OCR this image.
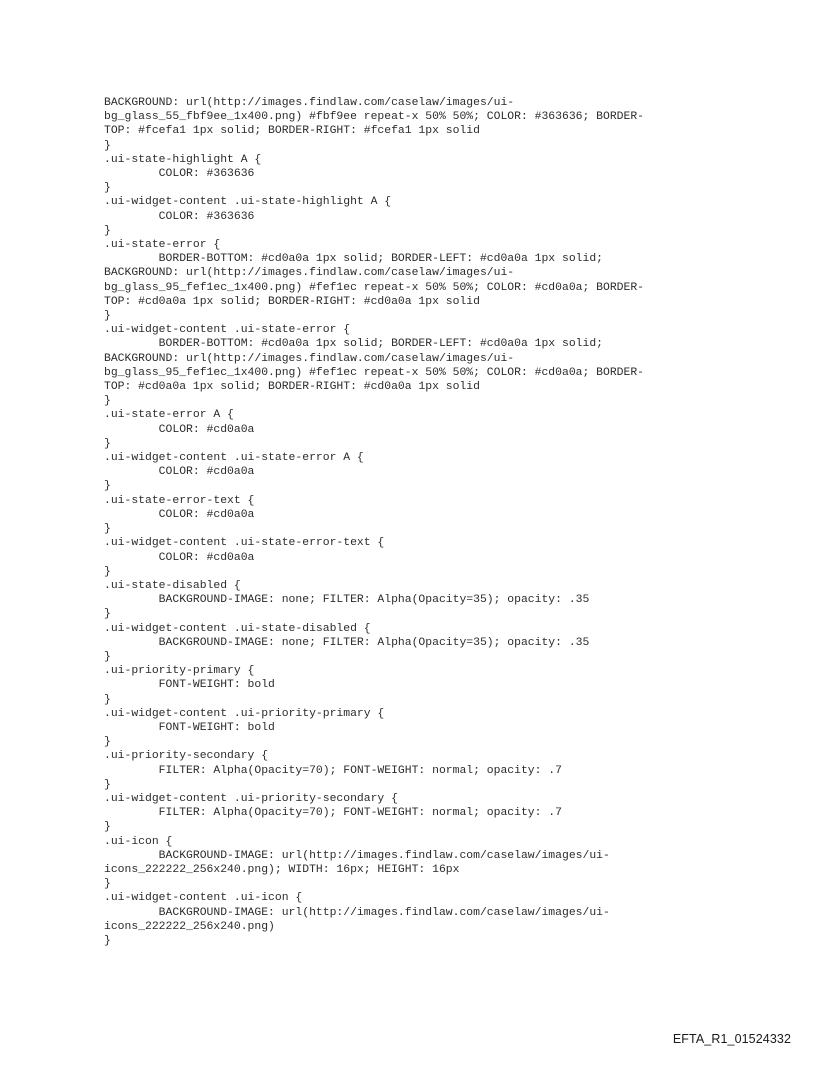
BACKGROUND: url(http://images.findlaw.com/caselaw/images/ui-
bg_glass_55_fbf9ee_1x400.png) #fbf9ee repeat-x 50% 50%; COLOR: #363636; BORDER-
TOP: #fcefa1 1px solid; BORDER-RIGHT: #fcefa1 1px solid
}
.ui-state-highlight A {
COLOR: #363636
}
.ui-widget-content .ui-state-highlight A {
COLOR: #363636
}
.ui-state-error {
BORDER-BOTTOM: #cd0a0a 1px solid; BORDER-LEFT: #cd0a0a 1px solid;
BACKGROUND: url(http://images.findlaw.com/caselaw/images/ui-
bg_glass_95_fef1ec_1x400.png) #fef1ec repeat-x 50% 50%; COLOR: #cd0a0a; BORDER-
TOP: #cd0a0a 1px solid; BORDER-RIGHT: #cd0a0a 1px solid
}
.ui-widget-content .ui-state-error {
BORDER-BOTTOM: #cd0a0a 1px solid; BORDER-LEFT: #cd0a0a 1px solid;
BACKGROUND: url(http://images.findlaw.com/caselaw/images/ui-
bg_glass_95_fef1ec_1x400.png) #fef1ec repeat-x 50% 50%; COLOR: #cd0a0a; BORDER-
TOP: #cd0a0a 1px solid; BORDER-RIGHT: #cd0a0a 1px solid
}
.ui-state-error A {
COLOR: #cd0a0a
}
.ui-widget-content .ui-state-error A {
COLOR: #cd0a0a
}
.ui-state-error-text {
COLOR: #cd0a0a
}
.ui-widget-content .ui-state-error-text {
COLOR: #cd0a0a
}
.ui-state-disabled {
BACKGROUND-IMAGE: none; FILTER: Alpha(Opacity=35); opacity: .35
}
.ui-widget-content .ui-state-disabled {
BACKGROUND-IMAGE: none; FILTER: Alpha(Opacity=35); opacity: .35
}
.ui-priority-primary {
FONT-WEIGHT: bold
}
.ui-widget-content .ui-priority-primary {
FONT-WEIGHT: bold
}
.ui-priority-secondary {
FILTER: Alpha(Opacity=70); FONT-WEIGHT: normal; opacity: .7
}
.ui-widget-content .ui-priority-secondary {
FILTER: Alpha(Opacity=70); FONT-WEIGHT: normal; opacity: .7
}
.ui-icon {
BACKGROUND-IMAGE: url(http://images.findlaw.com/caselaw/images/ui-
icons_222222_256x240.png); WIDTH: 16px; HEIGHT: 16px
}
.ui-widget-content .ui-icon {
BACKGROUND-IMAGE: url(http://images.findlaw.com/caselaw/images/ui-
icons_222222_256x240.png)
}
EFTA_R1_01524332
